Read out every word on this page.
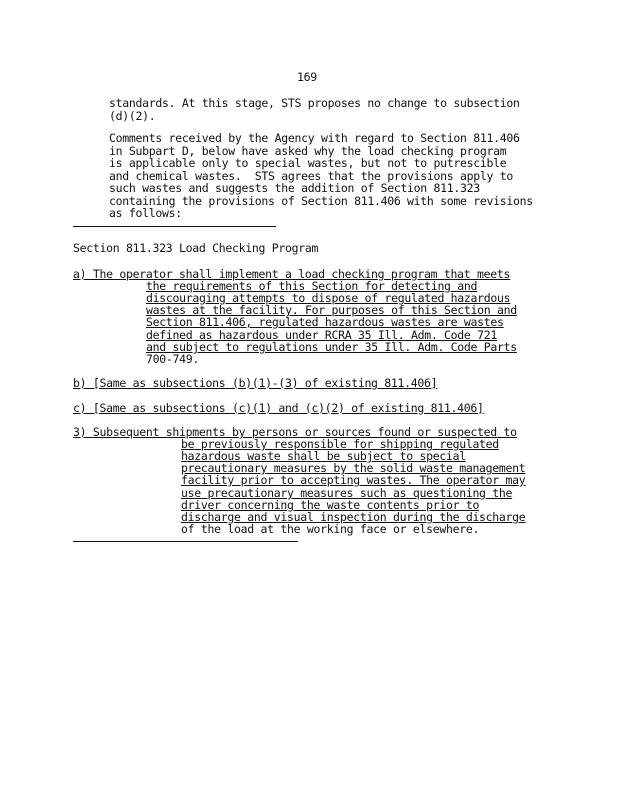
169
standards. At this stage, STS proposes no change to subsection
(d)(2).
Comments received by the Agency with regard to Section 811.406
in Subpart D, below have asked why the load checking program
is applicable only to special wastes, but not to putrescible
and chemical wastes.  STS agrees that the provisions apply to
such wastes and suggests the addition of Section 811.323
containing the provisions of Section 811.406 with some revisions
as follows:
Section 811.323 Load Checking Program
a) The operator shall implement a load checking program that meets
the requirements of this Section for detecting and
discouraging attempts to dispose of regulated hazardous
wastes at the facility. For purposes of this Section and
Section 811.406, regulated hazardous wastes are wastes
defined as hazardous under RCRA 35 Ill. Adm. Code 721
and subject to regulations under 35 Ill. Adm. Code Parts
700-749.
b) [Same as subsections (b)(1)-(3) of existing 811.406]
c) [Same as subsections (c)(1) and (c)(2) of existing 811.406]
3) Subsequent shipments by persons or sources found or suspected to
be previously responsible for shipping regulated
hazardous waste shall be subject to special
precautionary measures by the solid waste management
facility prior to accepting wastes. The operator may
use precautionary measures such as questioning the
driver concerning the waste contents prior to
discharge and visual inspection during the discharge
of the load at the working face or elsewhere.
